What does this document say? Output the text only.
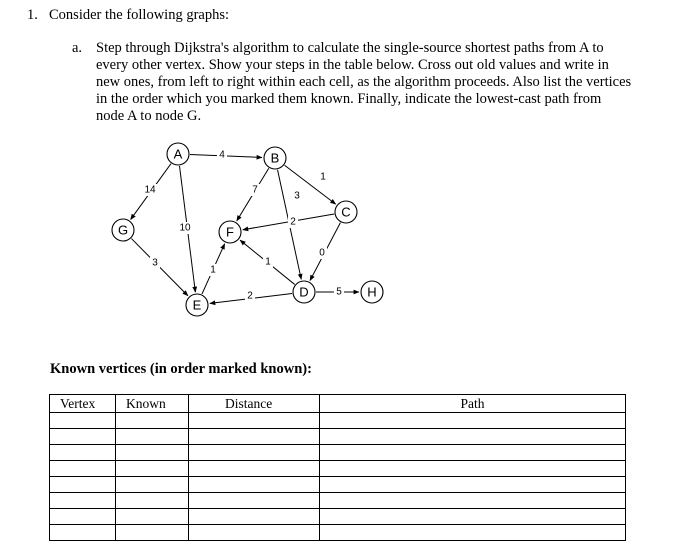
1. Consider the following graphs:
a. Step through Dijkstra's algorithm to calculate the single-source shortest paths from A to every other vertex. Show your steps in the table below. Cross out old values and write in new ones, from left to right within each cell, as the algorithm proceeds. Also list the vertices in the order which you marked them known. Finally, indicate the lowest-cast path from node A to node G.
4
14
10
1
7
3
2
0
3
1
1
2	5
A	B
C
D
E
F
G
H
Known vertices (in order marked known):
Vertex	Known	Distance	Path
